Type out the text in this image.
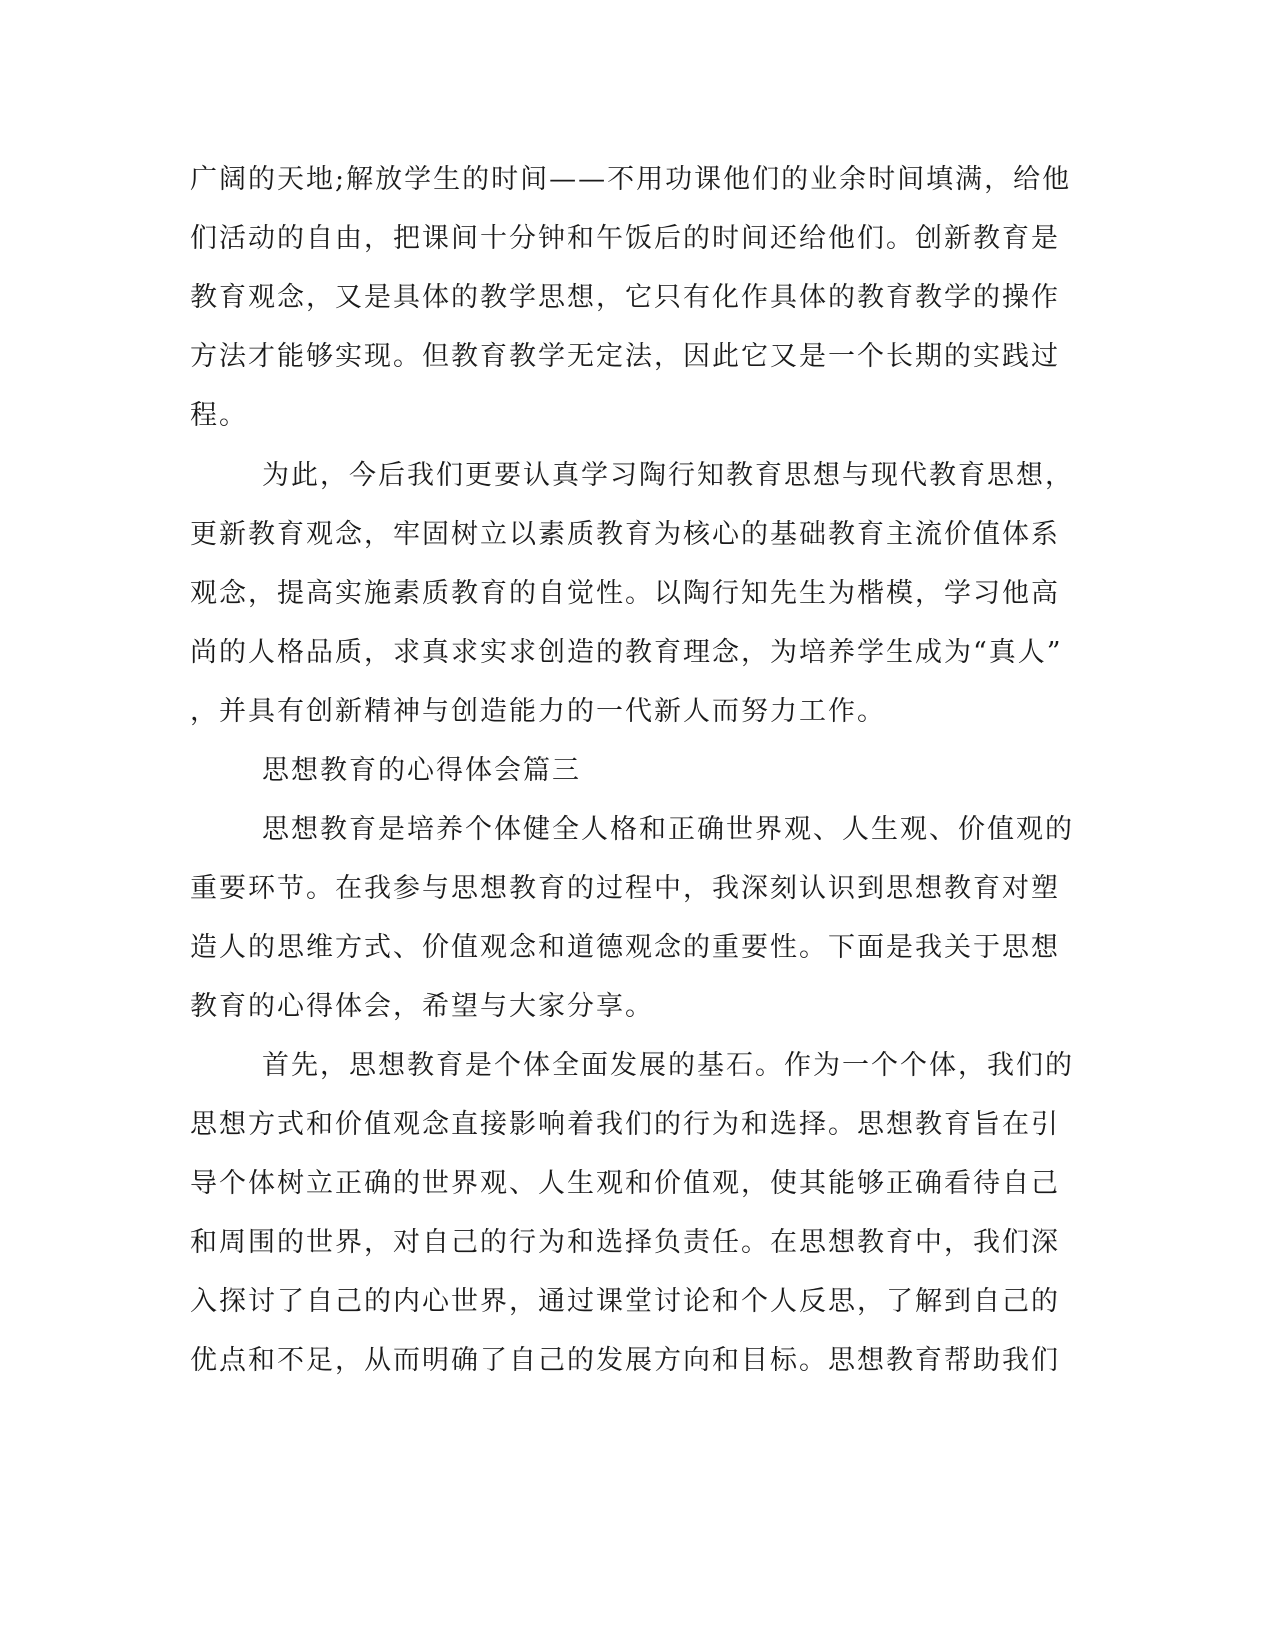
广阔的天地;解放学生的时间——不用功课他们的业余时间填满，给他
们活动的自由，把课间十分钟和午饭后的时间还给他们。创新教育是
教育观念，又是具体的教学思想，它只有化作具体的教育教学的操作
方法才能够实现。但教育教学无定法，因此它又是一个长期的实践过
程。
为此，今后我们更要认真学习陶行知教育思想与现代教育思想，
更新教育观念，牢固树立以素质教育为核心的基础教育主流价值体系
观念，提高实施素质教育的自觉性。以陶行知先生为楷模，学习他高
尚的人格品质，求真求实求创造的教育理念，为培养学生成为“真人”
，并具有创新精神与创造能力的一代新人而努力工作。
思想教育的心得体会篇三
思想教育是培养个体健全人格和正确世界观、人生观、价值观的
重要环节。在我参与思想教育的过程中，我深刻认识到思想教育对塑
造人的思维方式、价值观念和道德观念的重要性。下面是我关于思想
教育的心得体会，希望与大家分享。
首先，思想教育是个体全面发展的基石。作为一个个体，我们的
思想方式和价值观念直接影响着我们的行为和选择。思想教育旨在引
导个体树立正确的世界观、人生观和价值观，使其能够正确看待自己
和周围的世界，对自己的行为和选择负责任。在思想教育中，我们深
入探讨了自己的内心世界，通过课堂讨论和个人反思，了解到自己的
优点和不足，从而明确了自己的发展方向和目标。思想教育帮助我们
